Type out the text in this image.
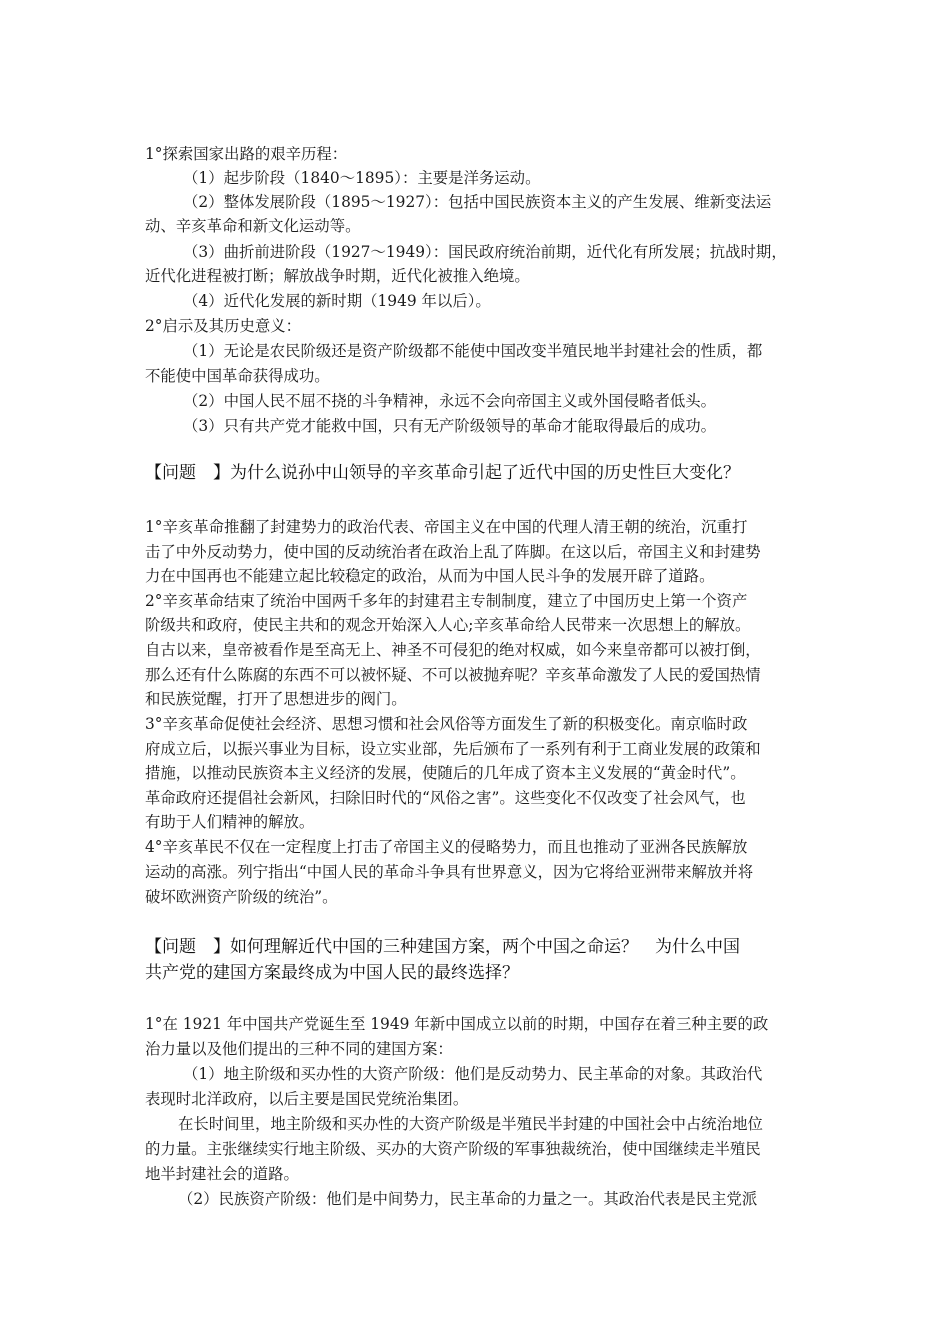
1°探索国家出路的艰辛历程：
（1）起步阶段（1840～1895）：主要是洋务运动。
（2）整体发展阶段（1895～1927）：包括中国民族资本主义的产生发展、维新变法运
动、辛亥革命和新文化运动等。
（3）曲折前进阶段（1927～1949）：国民政府统治前期，近代化有所发展；抗战时期，
近代化进程被打断；解放战争时期，近代化被推入绝境。
（4）近代化发展的新时期（1949 年以后）。
2°启示及其历史意义：
（1）无论是农民阶级还是资产阶级都不能使中国改变半殖民地半封建社会的性质，都
不能使中国革命获得成功。
（2）中国人民不屈不挠的斗争精神，永远不会向帝国主义或外国侵略者低头。
（3）只有共产党才能救中国，只有无产阶级领导的革命才能取得最后的成功。
【问题　】为什么说孙中山领导的辛亥革命引起了近代中国的历史性巨大变化？
1°辛亥革命推翻了封建势力的政治代表、帝国主义在中国的代理人清王朝的统治，沉重打
击了中外反动势力，使中国的反动统治者在政治上乱了阵脚。在这以后，帝国主义和封建势
力在中国再也不能建立起比较稳定的政治，从而为中国人民斗争的发展开辟了道路。
2°辛亥革命结束了统治中国两千多年的封建君主专制制度，建立了中国历史上第一个资产
阶级共和政府，使民主共和的观念开始深入人心;辛亥革命给人民带来一次思想上的解放。
自古以来，皇帝被看作是至高无上、神圣不可侵犯的绝对权威，如今来皇帝都可以被打倒，
那么还有什么陈腐的东西不可以被怀疑、不可以被抛弃呢？辛亥革命激发了人民的爱国热情
和民族觉醒，打开了思想进步的阀门。
3°辛亥革命促使社会经济、思想习惯和社会风俗等方面发生了新的积极变化。南京临时政
府成立后，以振兴事业为目标，设立实业部，先后颁布了一系列有利于工商业发展的政策和
措施，以推动民族资本主义经济的发展，使随后的几年成了资本主义发展的“黄金时代”。
革命政府还提倡社会新风，扫除旧时代的“风俗之害”。这些变化不仅改变了社会风气，也
有助于人们精神的解放。
4°辛亥革民不仅在一定程度上打击了帝国主义的侵略势力，而且也推动了亚洲各民族解放
运动的高涨。列宁指出“中国人民的革命斗争具有世界意义，因为它将给亚洲带来解放并将
破坏欧洲资产阶级的统治”。
【问题　】如何理解近代中国的三种建国方案，两个中国之命运？　为什么中国
共产党的建国方案最终成为中国人民的最终选择？
1°在 1921 年中国共产党诞生至 1949 年新中国成立以前的时期，中国存在着三种主要的政
治力量以及他们提出的三种不同的建国方案：
（1）地主阶级和买办性的大资产阶级：他们是反动势力、民主革命的对象。其政治代
表现时北洋政府，以后主要是国民党统治集团。
在长时间里，地主阶级和买办性的大资产阶级是半殖民半封建的中国社会中占统治地位
的力量。主张继续实行地主阶级、买办的大资产阶级的军事独裁统治，使中国继续走半殖民
地半封建社会的道路。
（2）民族资产阶级：他们是中间势力，民主革命的力量之一。其政治代表是民主党派
